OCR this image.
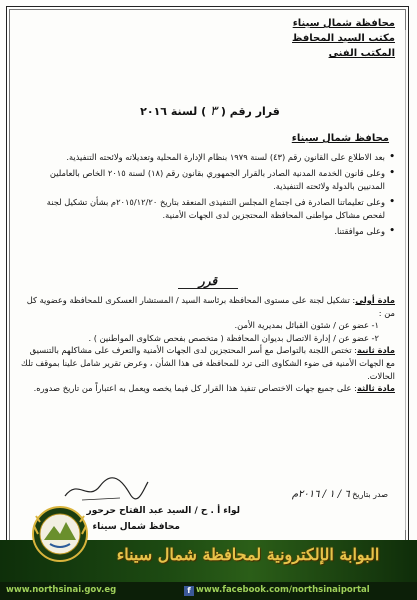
محافظة شمال سيناء
مكتب السيد المحافظ
المكتب الفنى
قرار رقم ( ٣ ) لسنة ٢٠١٦
محافظ شمال سيناء
•
بعد الاطلاع على القانون رقم (٤٣) لسنة ١٩٧٩ بنظام الإدارة المحلية وتعديلاته ولائحته التنفيذية.
•
وعلى قانون الخدمة المدنية الصادر بالقرار الجمهوري بقانون رقم (١٨) لسنة ٢٠١٥ الخاص بالعاملين المدنيين بالدولة ولائحته التنفيذية.
•
وعلى تعليماتنا الصادرة فى اجتماع المجلس التنفيذى المنعقد بتاريخ ٢٠١٥/١٢/٢٠م بشأن تشكيل لجنة لفحص مشاكل مواطنى المحافظة المحتجزين لدى الجهات الأمنية.
•
وعلى موافقتنا.
قرر
مادة أولى: تشكيل لجنة على مستوى المحافظة برئاسة السيد / المستشار العسكرى للمحافظة وعضوية كل من :
١- عضو عن / شئون القبائل بمديرية الأمن.
٢- عضو عن / إدارة الاتصال بديوان المحافظة ( متخصص بفحص شكاوى المواطنين ) .
مادة ثانية: تختص اللجنة بالتواصل مع أسر المحتجزين لدى الجهات الأمنية والتعرف على مشاكلهم بالتنسيق مع الجهات الأمنية فى ضوء الشكاوى التى ترد للمحافظة فى هذا الشأن ، وعرض تقرير شامل علينا بموقف تلك الحالات.
مادة ثالثة: على جميع جهات الاختصاص تنفيذ هذا القرار كل فيما يخصه ويعمل به اعتباراً من تاريخ صدوره.
صدر بتاريخ ٦ / ١ / ٢٠١٦م
لواء أ . ح / السيد عبد الفتاح حرحور
محافظ شمال سيناء
البوابة الإلكترونية لمحافظة شمال سيناء
www.northsinai.gov.eg	f www.facebook.com/northsinaiportal
